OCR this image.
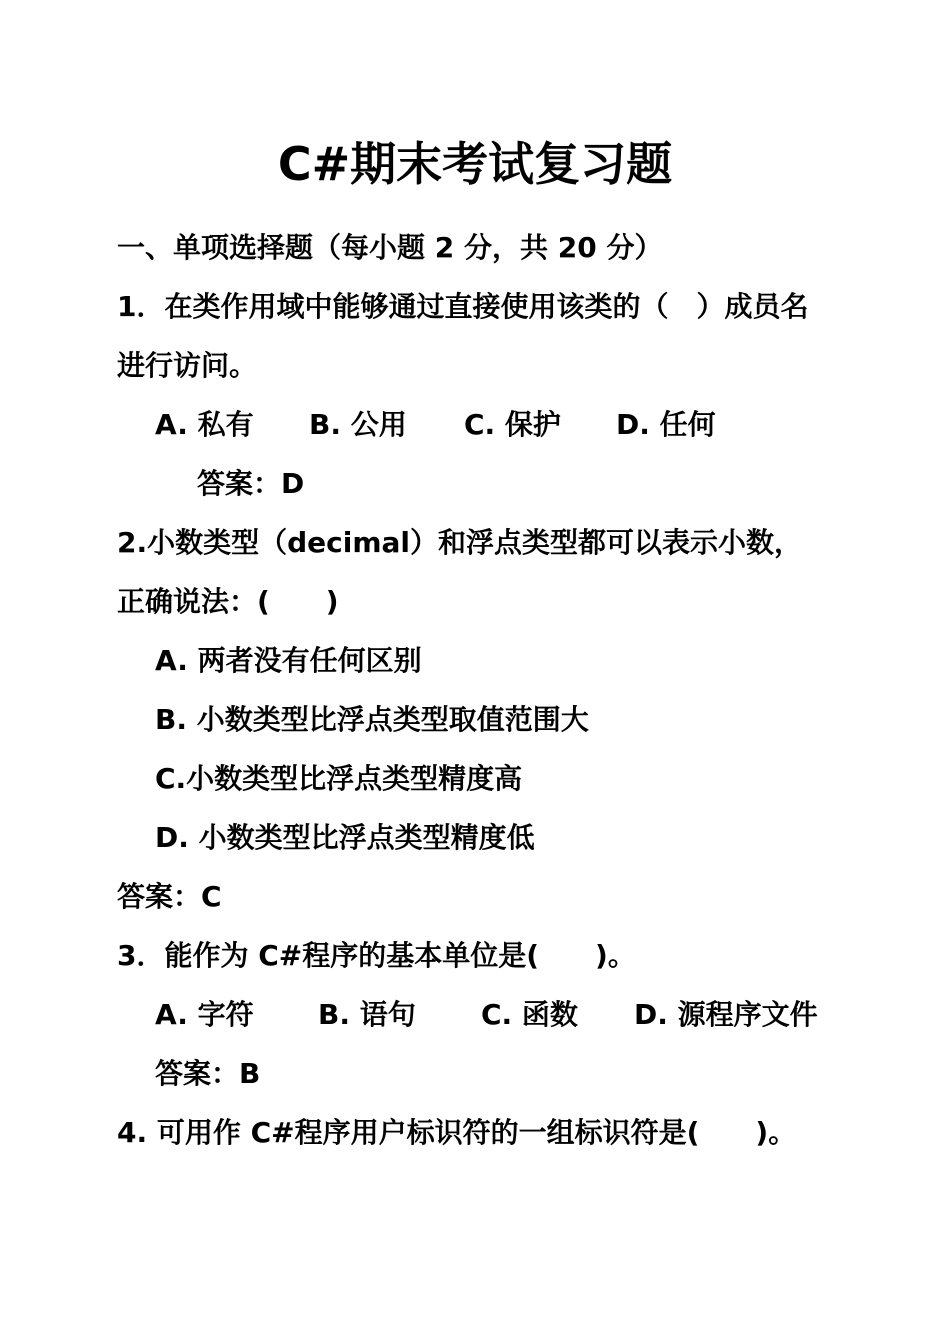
C#期末考试复习题
一、单项选择题（每小题 2 分，共 20 分）
1．在类作用域中能够通过直接使用该类的（　）成员名
进行访问。
A. 私有 B. 公用 C. 保护 D. 任何
答案：D
2.小数类型（decimal）和浮点类型都可以表示小数，
正确说法：(　　)
A. 两者没有任何区别
B. 小数类型比浮点类型取值范围大
C.小数类型比浮点类型精度高
D. 小数类型比浮点类型精度低
答案：C
3．能作为 C#程序的基本单位是(　　)。
A. 字符 B. 语句 C. 函数 D. 源程序文件
答案：B
4. 可用作 C#程序用户标识符的一组标识符是(　　)。
